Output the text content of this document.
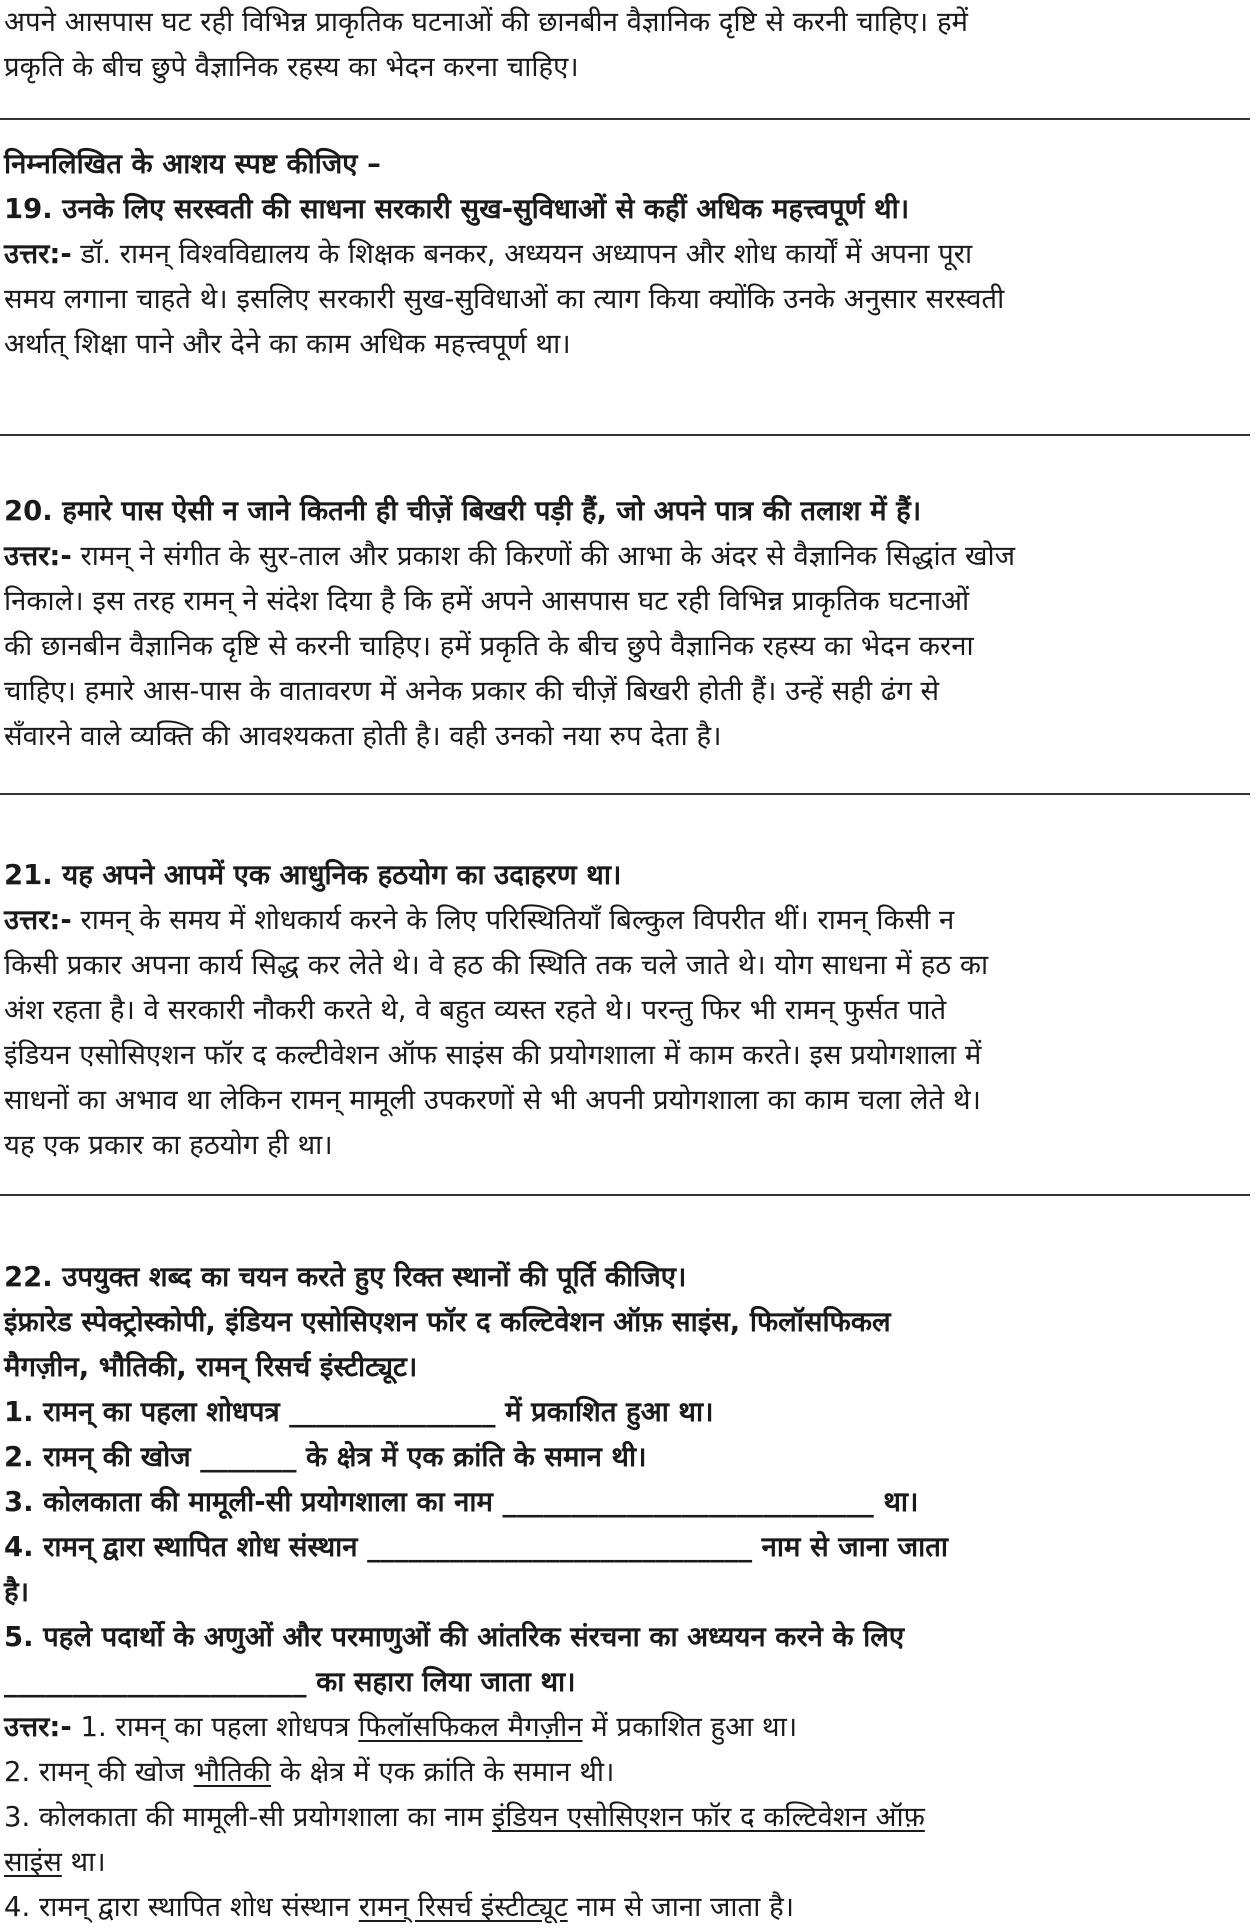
अपने आसपास घट रही विभिन्न प्राकृतिक घटनाओं की छानबीन वैज्ञानिक दृष्टि से करनी चाहिए। हमें

प्रकृति के बीच छुपे वैज्ञानिक रहस्य का भेदन करना चाहिए।

निम्नलिखित के आशय स्पष्ट कीजिए –

19. उनके लिए सरस्वती की साधना सरकारी सुख-सुविधाओं से कहीं अधिक महत्त्वपूर्ण थी।

उत्तर:- डॉ. रामन् विश्वविद्यालय के शिक्षक बनकर, अध्ययन अध्यापन और शोध कार्यों में अपना पूरा

समय लगाना चाहते थे। इसलिए सरकारी सुख-सुविधाओं का त्याग किया क्योंकि उनके अनुसार सरस्वती

अर्थात् शिक्षा पाने और देने का काम अधिक महत्त्वपूर्ण था।

20. हमारे पास ऐसी न जाने कितनी ही चीज़ें बिखरी पड़ी हैं, जो अपने पात्र की तलाश में हैं।

उत्तर:- रामन् ने संगीत के सुर-ताल और प्रकाश की किरणों की आभा के अंदर से वैज्ञानिक सिद्धांत खोज

निकाले। इस तरह रामन् ने संदेश दिया है कि हमें अपने आसपास घट रही विभिन्न प्राकृतिक घटनाओं

की छानबीन वैज्ञानिक दृष्टि से करनी चाहिए। हमें प्रकृति के बीच छुपे वैज्ञानिक रहस्य का भेदन करना

चाहिए। हमारे आस-पास के वातावरण में अनेक प्रकार की चीज़ें बिखरी होती हैं। उन्हें सही ढंग से

सँवारने वाले व्यक्ति की आवश्यकता होती है। वही उनको नया रुप देता है।

21. यह अपने आपमें एक आधुनिक हठयोग का उदाहरण था।

उत्तर:- रामन् के समय में शोधकार्य करने के लिए परिस्थितियाँ बिल्कुल विपरीत थीं। रामन् किसी न

किसी प्रकार अपना कार्य सिद्ध कर लेते थे। वे हठ की स्थिति तक चले जाते थे। योग साधना में हठ का

अंश रहता है। वे सरकारी नौकरी करते थे, वे बहुत व्यस्त रहते थे। परन्तु फिर भी रामन् फुर्सत पाते

इंडियन एसोसिएशन फॉर द कल्टीवेशन ऑफ साइंस की प्रयोगशाला में काम करते। इस प्रयोगशाला में

साधनों का अभाव था लेकिन रामन् मामूली उपकरणों से भी अपनी प्रयोगशाला का काम चला लेते थे।

यह एक प्रकार का हठयोग ही था।

22. उपयुक्त शब्द का चयन करते हुए रिक्त स्थानों की पूर्ति कीजिए।

इंफ्रारेड स्पेक्ट्रोस्कोपी, इंडियन एसोसिएशन फॉर द कल्टिवेशन ऑफ़ साइंस, फिलॉसफिकल

मैगज़ीन, भौतिकी, रामन् रिसर्च इंस्टीट्यूट।

1. रामन् का पहला शोधपत्र _______________ में प्रकाशित हुआ था।

2. रामन् की खोज _______ के क्षेत्र में एक क्रांति के समान थी।

3. कोलकाता की मामूली-सी प्रयोगशाला का नाम ___________________________ था।

4. रामन् द्वारा स्थापित शोध संस्थान ____________________________ नाम से जाना जाता

है।

5. पहले पदार्थो के अणुओं और परमाणुओं की आंतरिक संरचना का अध्ययन करने के लिए

______________________ का सहारा लिया जाता था।

उत्तर:- 1. रामन् का पहला शोधपत्र फिलॉसफिकल मैगज़ीन में प्रकाशित हुआ था।

2. रामन् की खोज भौतिकी के क्षेत्र में एक क्रांति के समान थी।

3. कोलकाता की मामूली-सी प्रयोगशाला का नाम इंडियन एसोसिएशन फॉर द कल्टिवेशन ऑफ़

साइंस था।

4. रामन् द्वारा स्थापित शोध संस्थान रामन् रिसर्च इंस्टीट्यूट नाम से जाना जाता है।
